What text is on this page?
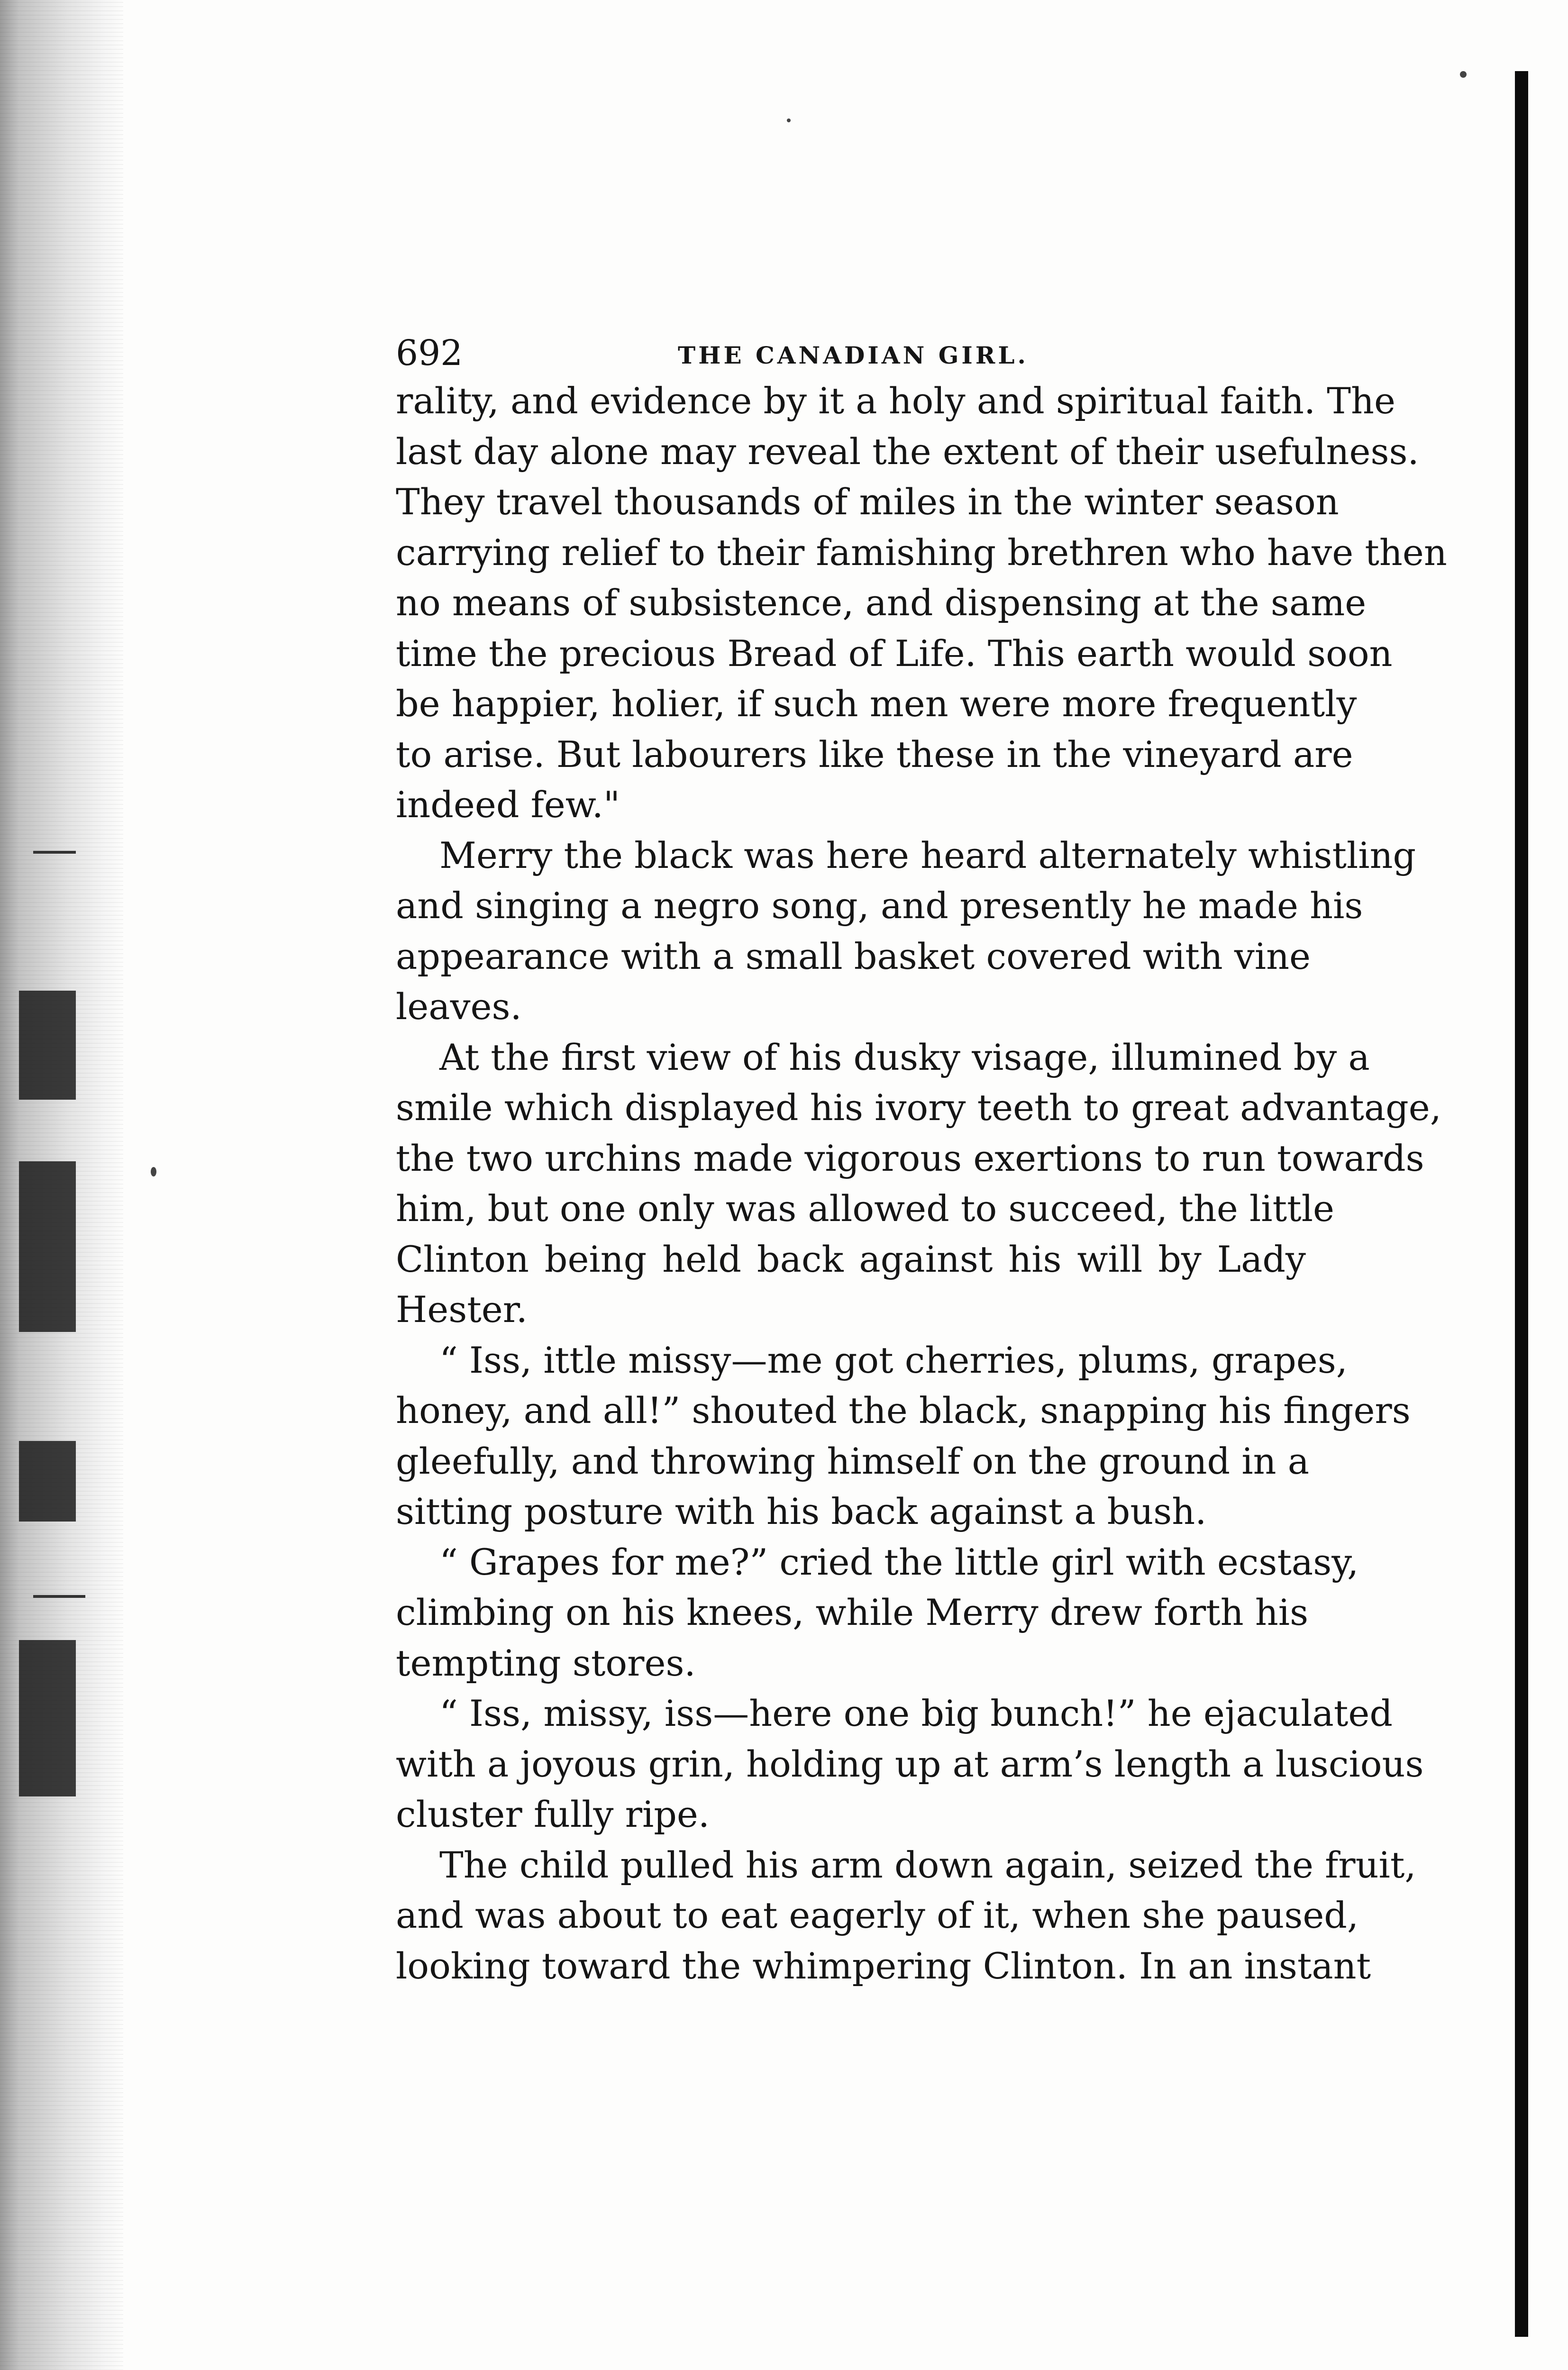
692	THE CANADIAN GIRL.
rality, and evidence by it a holy and spiritual faith. The
last day alone may reveal the extent of their usefulness.
They travel thousands of miles in the winter season
carrying relief to their famishing brethren who have then
no means of subsistence, and dispensing at the same
time the precious Bread of Life. This earth would soon
be happier, holier, if such men were more frequently
to arise. But labourers like these in the vineyard are
indeed few."
Merry the black was here heard alternately whistling
and singing a negro song, and presently he made his
appearance with a small basket covered with vine
leaves.
At the first view of his dusky visage, illumined by a
smile which displayed his ivory teeth to great advantage,
the two urchins made vigorous exertions to run towards
him, but one only was allowed to succeed, the little
Clinton being held back against his will by Lady
Hester.
“ Iss, ittle missy—me got cherries, plums, grapes,
honey, and all!” shouted the black, snapping his fingers
gleefully, and throwing himself on the ground in a
sitting posture with his back against a bush.
“ Grapes for me?” cried the little girl with ecstasy,
climbing on his knees, while Merry drew forth his
tempting stores.
“ Iss, missy, iss—here one big bunch!” he ejaculated
with a joyous grin, holding up at arm’s length a luscious
cluster fully ripe.
The child pulled his arm down again, seized the fruit,
and was about to eat eagerly of it, when she paused,
looking toward the whimpering Clinton. In an instant
